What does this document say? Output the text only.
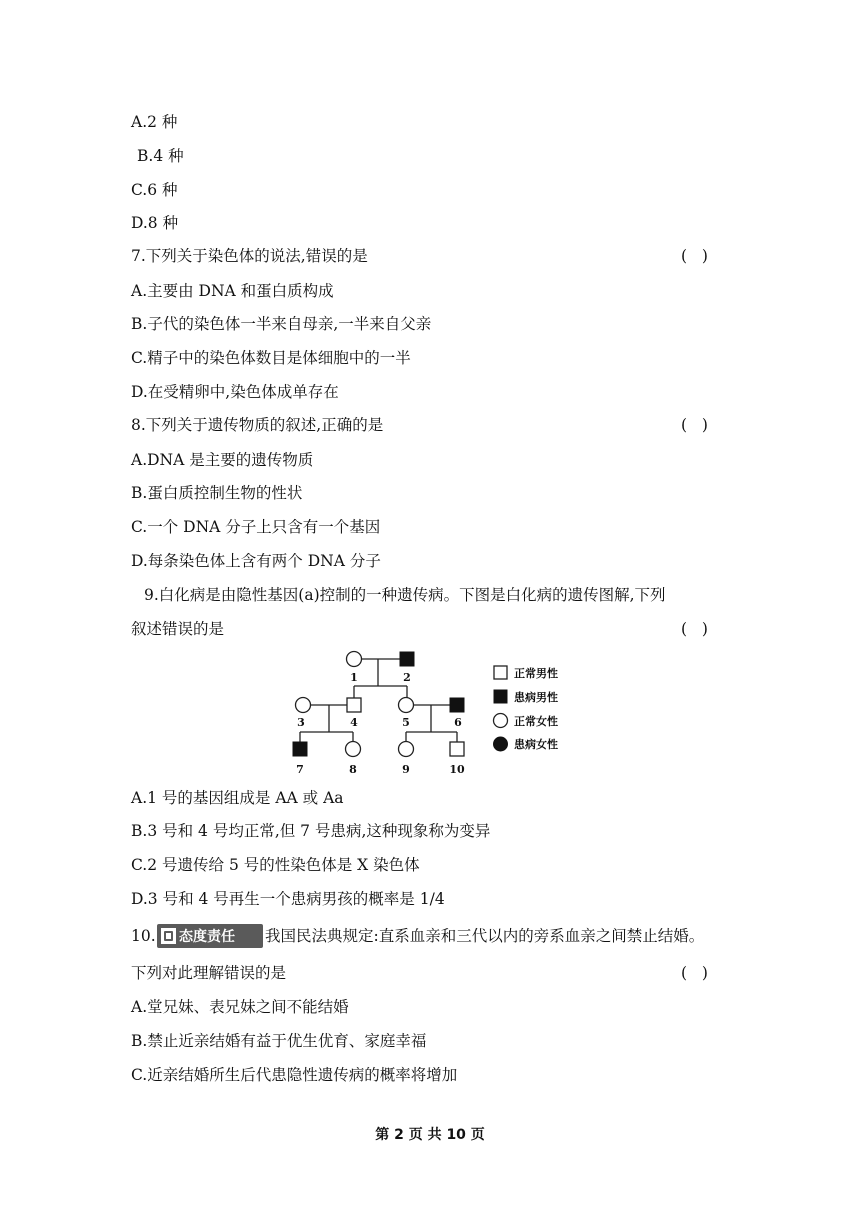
A.2 种
B.4 种
C.6 种
D.8 种
7.下列关于染色体的说法,错误的是	(   )
A.主要由 DNA 和蛋白质构成
B.子代的染色体一半来自母亲,一半来自父亲
C.精子中的染色体数目是体细胞中的一半
D.在受精卵中,染色体成单存在
8.下列关于遗传物质的叙述,正确的是	(   )
A.DNA 是主要的遗传物质
B.蛋白质控制生物的性状
C.一个 DNA 分子上只含有一个基因
D.每条染色体上含有两个 DNA 分子
9.白化病是由隐性基因(a)控制的一种遗传病。下图是白化病的遗传图解,下列
叙述错误的是	(   )
1	2
3	4	5	6
7	8	9	10
正常男性
患病男性
正常女性
患病女性
A.1 号的基因组成是 AA 或 Aa
B.3 号和 4 号均正常,但 7 号患病,这种现象称为变异
C.2 号遗传给 5 号的性染色体是 X 染色体
D.3 号和 4 号再生一个患病男孩的概率是 1/4
10. 态度责任 我国民法典规定:直系血亲和三代以内的旁系血亲之间禁止结婚。
下列对此理解错误的是	(   )
A.堂兄妹、表兄妹之间不能结婚
B.禁止近亲结婚有益于优生优育、家庭幸福
C.近亲结婚所生后代患隐性遗传病的概率将增加
第 2 页 共 10 页
